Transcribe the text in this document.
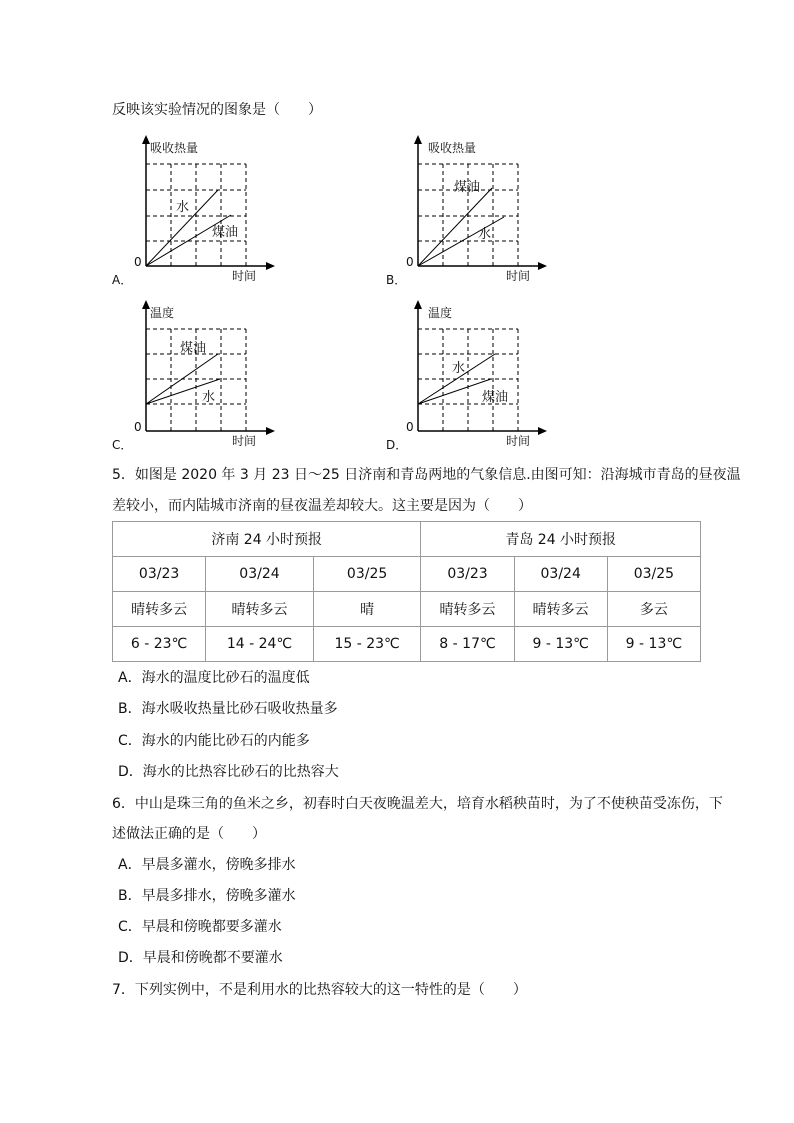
反映该实验情况的图象是（　　）
吸收热量
水
煤油
0
时间
A．
吸收热量
煤油
水
0
时间
B．
温度
煤油
水
0
时间
C．
温度
水
煤油
0
时间
D．
5．如图是 2020 年 3 月 23 日～25 日济南和青岛两地的气象信息.由图可知：沿海城市青岛的昼夜温
差较小，而内陆城市济南的昼夜温差却较大。这主要是因为（　　）
济南 24 小时预报			青岛 24 小时预报		
03/23	03/24	03/25	03/23	03/24	03/25
晴转多云	晴转多云	晴	晴转多云	晴转多云	多云
6 - 23℃	14 - 24℃	15 - 23℃	8 - 17℃	9 - 13℃	9 - 13℃
A．海水的温度比砂石的温度低
B．海水吸收热量比砂石吸收热量多
C．海水的内能比砂石的内能多
D．海水的比热容比砂石的比热容大
6．中山是珠三角的鱼米之乡，初春时白天夜晚温差大，培育水稻秧苗时，为了不使秧苗受冻伤，下
述做法正确的是（　　）
A．早晨多灌水，傍晚多排水
B．早晨多排水，傍晚多灌水
C．早晨和傍晚都要多灌水
D．早晨和傍晚都不要灌水
7．下列实例中，不是利用水的比热容较大的这一特性的是（　　）
